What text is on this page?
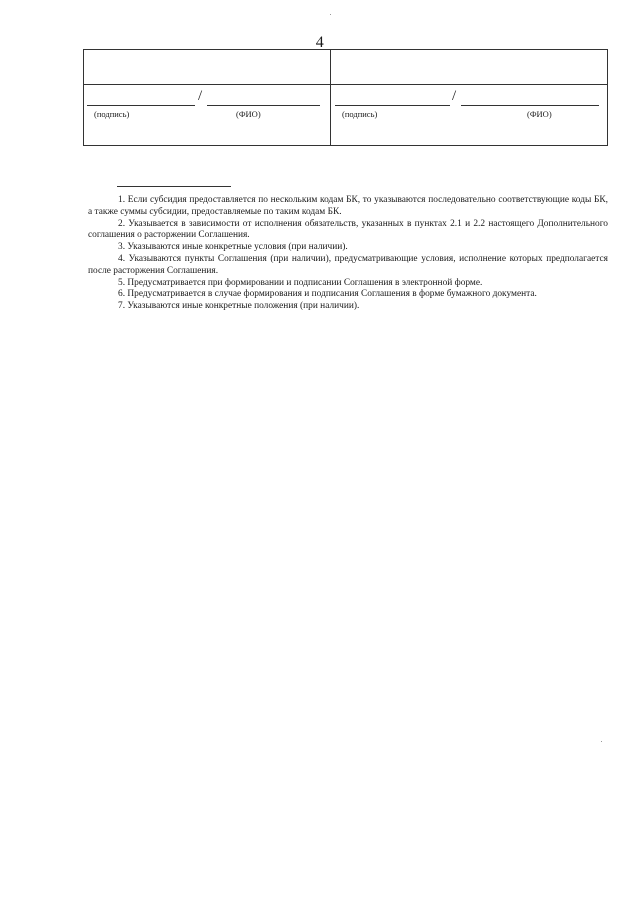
4
/
(подпись)	(ФИО)
/
(подпись)	(ФИО)

1. Если субсидия предоставляется по нескольким кодам БК, то указываются последовательно соответствующие коды БК, а также суммы субсидии, предоставляемые по таким кодам БК.

2. Указывается в зависимости от исполнения обязательств, указанных в пунктах 2.1 и 2.2 настоящего Дополнительного соглашения о расторжении Соглашения.

3. Указываются иные конкретные условия (при наличии).

4. Указываются пункты Соглашения (при наличии), предусматривающие условия, исполнение которых предполагается после расторжения Соглашения.

5. Предусматривается при формировании и подписании Соглашения в электронной форме.

6. Предусматривается в случае формирования и подписания Соглашения в форме бумажного документа.

7. Указываются иные конкретные положения (при наличии).
